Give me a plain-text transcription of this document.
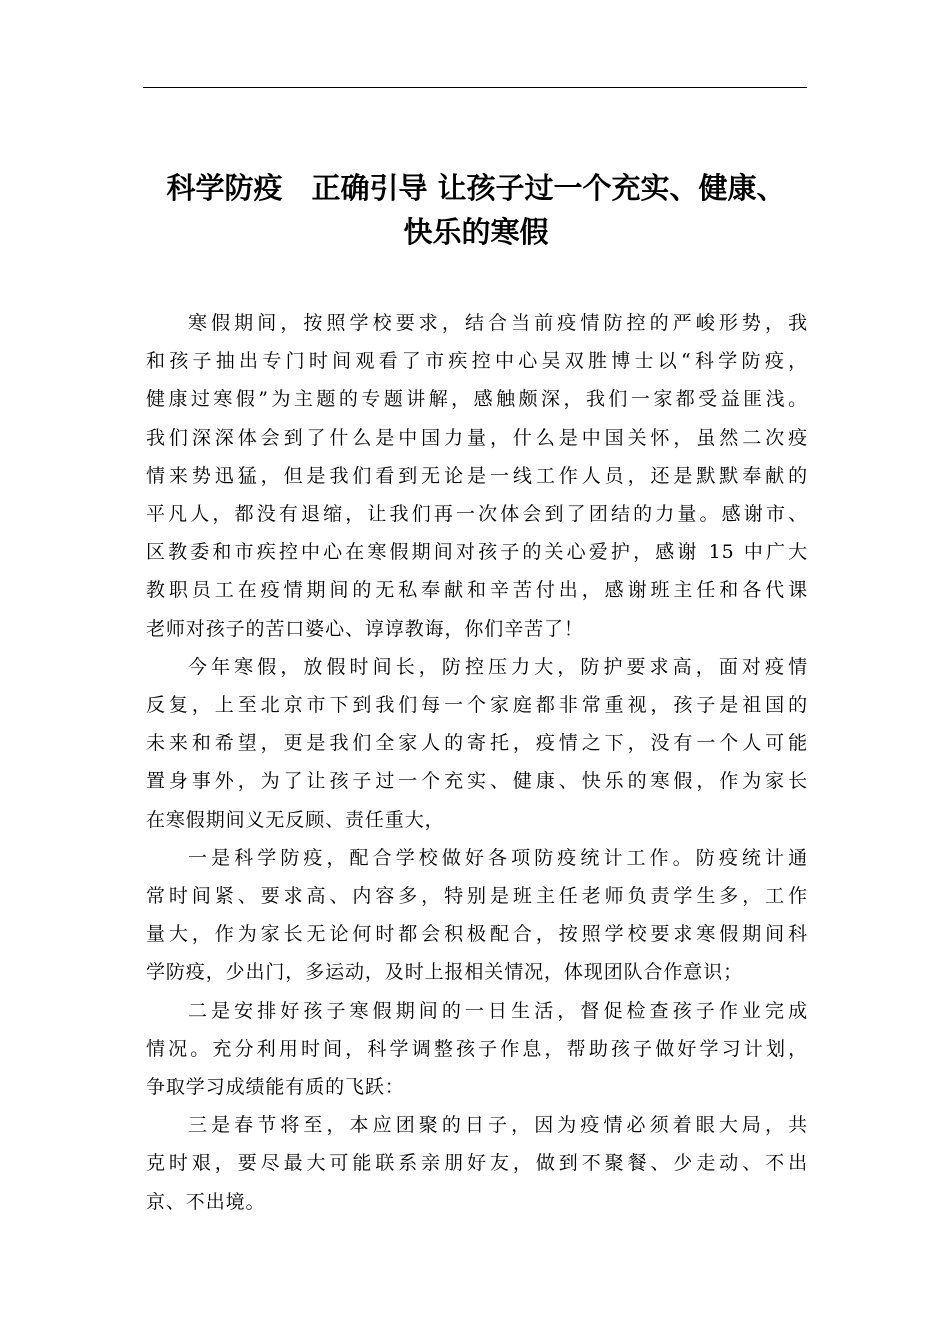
科学防疫　正确引导 让孩子过一个充实、健康、
快乐的寒假
寒假期间，按照学校要求，结合当前疫情防控的严峻形势，我
和孩子抽出专门时间观看了市疾控中心吴双胜博士以“科学防疫，
健康过寒假”为主题的专题讲解，感触颇深，我们一家都受益匪浅。
我们深深体会到了什么是中国力量，什么是中国关怀，虽然二次疫
情来势迅猛，但是我们看到无论是一线工作人员，还是默默奉献的
平凡人，都没有退缩，让我们再一次体会到了团结的力量。感谢市、
区教委和市疾控中心在寒假期间对孩子的关心爱护，感谢 15 中广大
教职员工在疫情期间的无私奉献和辛苦付出，感谢班主任和各代课
老师对孩子的苦口婆心、谆谆教诲，你们辛苦了！
今年寒假，放假时间长，防控压力大，防护要求高，面对疫情
反复，上至北京市下到我们每一个家庭都非常重视，孩子是祖国的
未来和希望，更是我们全家人的寄托，疫情之下，没有一个人可能
置身事外，为了让孩子过一个充实、健康、快乐的寒假，作为家长
在寒假期间义无反顾、责任重大，
一是科学防疫，配合学校做好各项防疫统计工作。防疫统计通
常时间紧、要求高、内容多，特别是班主任老师负责学生多，工作
量大，作为家长无论何时都会积极配合，按照学校要求寒假期间科
学防疫，少出门，多运动，及时上报相关情况，体现团队合作意识；
二是安排好孩子寒假期间的一日生活，督促检查孩子作业完成
情况。充分利用时间，科学调整孩子作息，帮助孩子做好学习计划，
争取学习成绩能有质的飞跃：
三是春节将至，本应团聚的日子，因为疫情必须着眼大局，共
克时艰，要尽最大可能联系亲朋好友，做到不聚餐、少走动、不出
京、不出境。
